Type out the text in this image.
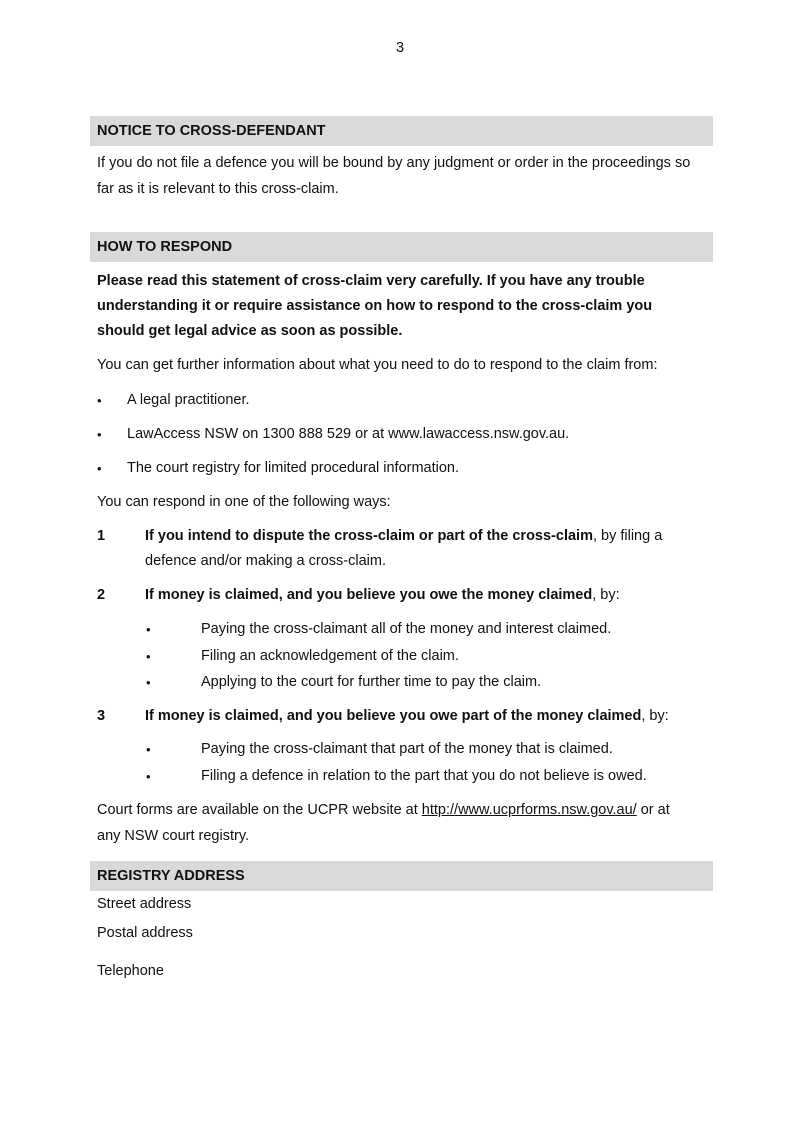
3
NOTICE TO CROSS-DEFENDANT
If you do not file a defence you will be bound by any judgment or order in the proceedings so
far as it is relevant to this cross-claim.
HOW TO RESPOND
Please read this statement of cross-claim very carefully. If you have any trouble
understanding it or require assistance on how to respond to the cross-claim you
should get legal advice as soon as possible.
You can get further information about what you need to do to respond to the claim from:
• A legal practitioner.
• LawAccess NSW on 1300 888 529 or at www.lawaccess.nsw.gov.au.
• The court registry for limited procedural information.
You can respond in one of the following ways:
1	If you intend to dispute the cross-claim or part of the cross-claim, by filing a
defence and/or making a cross-claim.
2	If money is claimed, and you believe you owe the money claimed, by:
•	Paying the cross-claimant all of the money and interest claimed.
•	Filing an acknowledgement of the claim.
•	Applying to the court for further time to pay the claim.
3	If money is claimed, and you believe you owe part of the money claimed, by:
•	Paying the cross-claimant that part of the money that is claimed.
•	Filing a defence in relation to the part that you do not believe is owed.
Court forms are available on the UCPR website at http://www.ucprforms.nsw.gov.au/ or at
any NSW court registry.
REGISTRY ADDRESS
Street address
Postal address
Telephone
